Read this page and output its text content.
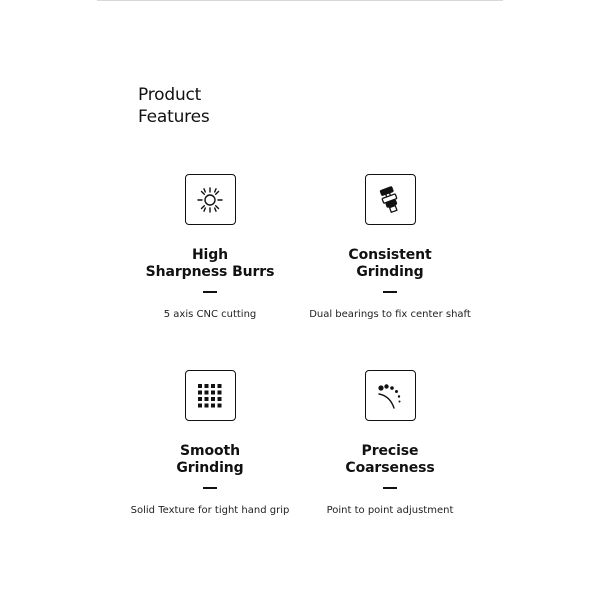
Product
Features
High
Sharpness Burrs
5 axis CNC cutting
Consistent
Grinding
Dual bearings to fix center shaft
Smooth
Grinding
Solid Texture for tight hand grip
Precise
Coarseness
Point to point adjustment
